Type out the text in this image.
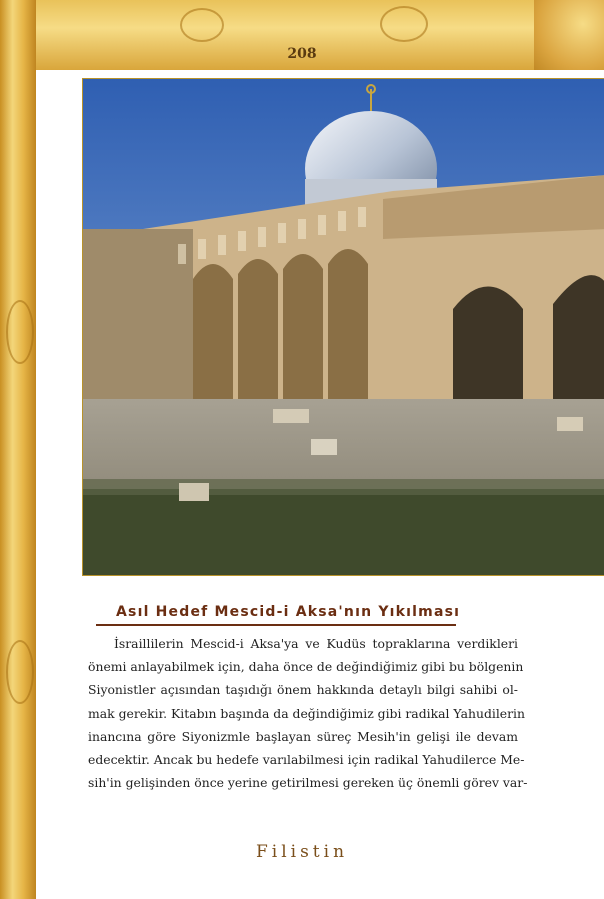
208
Asıl Hedef Mescid-i Aksa'nın Yıkılması
İsraillilerin Mescid-i Aksa'ya ve Kudüs topraklarına verdikleri
önemi anlayabilmek için, daha önce de değindiğimiz gibi bu bölgenin
Siyonistler açısından taşıdığı önem hakkında detaylı bilgi sahibi ol-
mak gerekir. Kitabın başında da değindiğimiz gibi radikal Yahudilerin
inancına göre Siyonizmle başlayan süreç Mesih'in gelişi ile devam
edecektir. Ancak bu hedefe varılabilmesi için radikal Yahudilerce Me-
sih'in gelişinden önce yerine getirilmesi gereken üç önemli görev var-
Filistin
